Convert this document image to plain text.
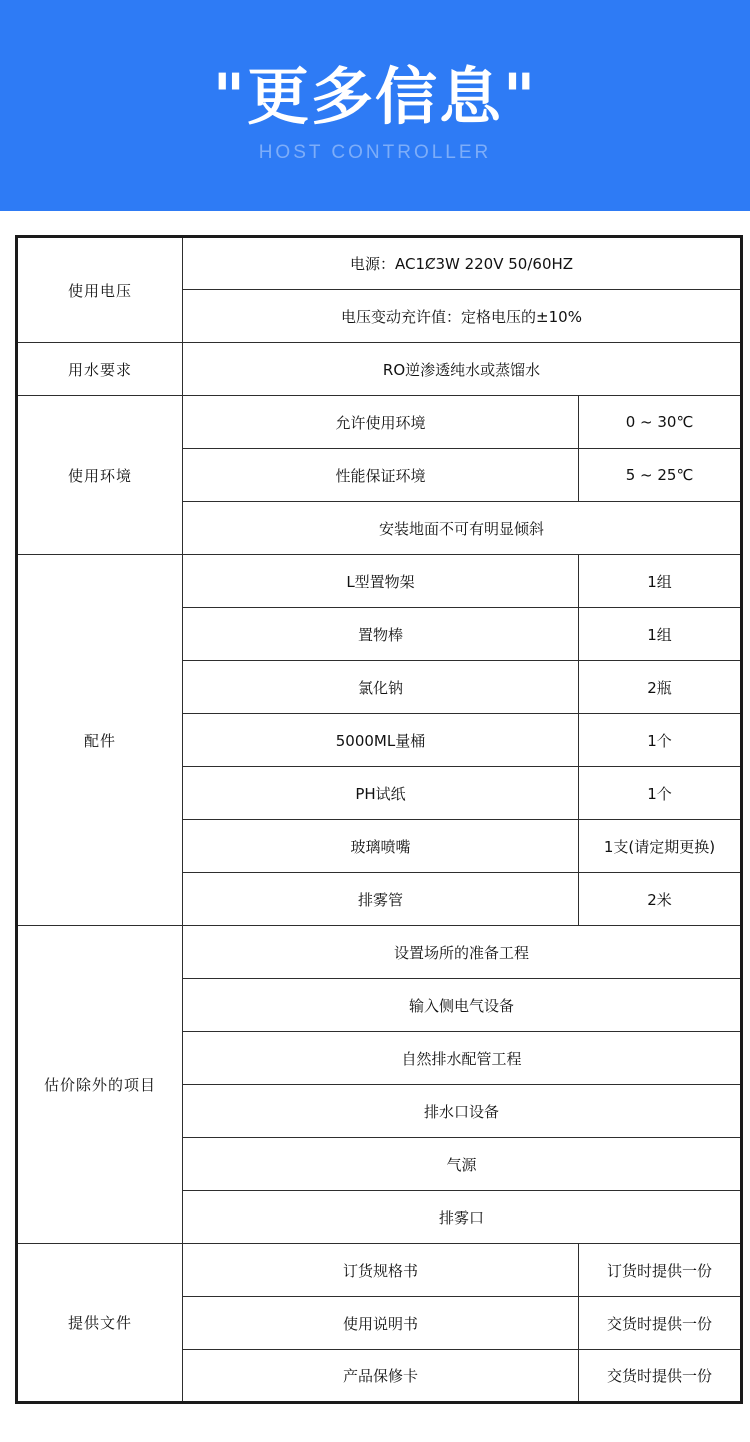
"更多信息"
HOST CONTROLLER
使用电压	电源：AC1Ȼ3W 220V 50/60HZ	
	电压变动充许值：定格电压的±10%	
用水要求	RO逆渗透纯水或蒸馏水	
使用环境	允许使用环境	0 ~ 30℃
	性能保证环境	5 ~ 25℃
	安装地面不可有明显倾斜	
配件	L型置物架	1组
	置物棒	1组
	氯化钠	2瓶
	5000ML量桶	1个
	PH试纸	1个
	玻璃喷嘴	1支(请定期更换)
	排雾管	2米
估价除外的项目	设置场所的准备工程	
	输入侧电气设备	
	自然排水配管工程	
	排水口设备	
	气源	
	排雾口	
提供文件	订货规格书	订货时提供一份
	使用说明书	交货时提供一份
	产品保修卡	交货时提供一份
